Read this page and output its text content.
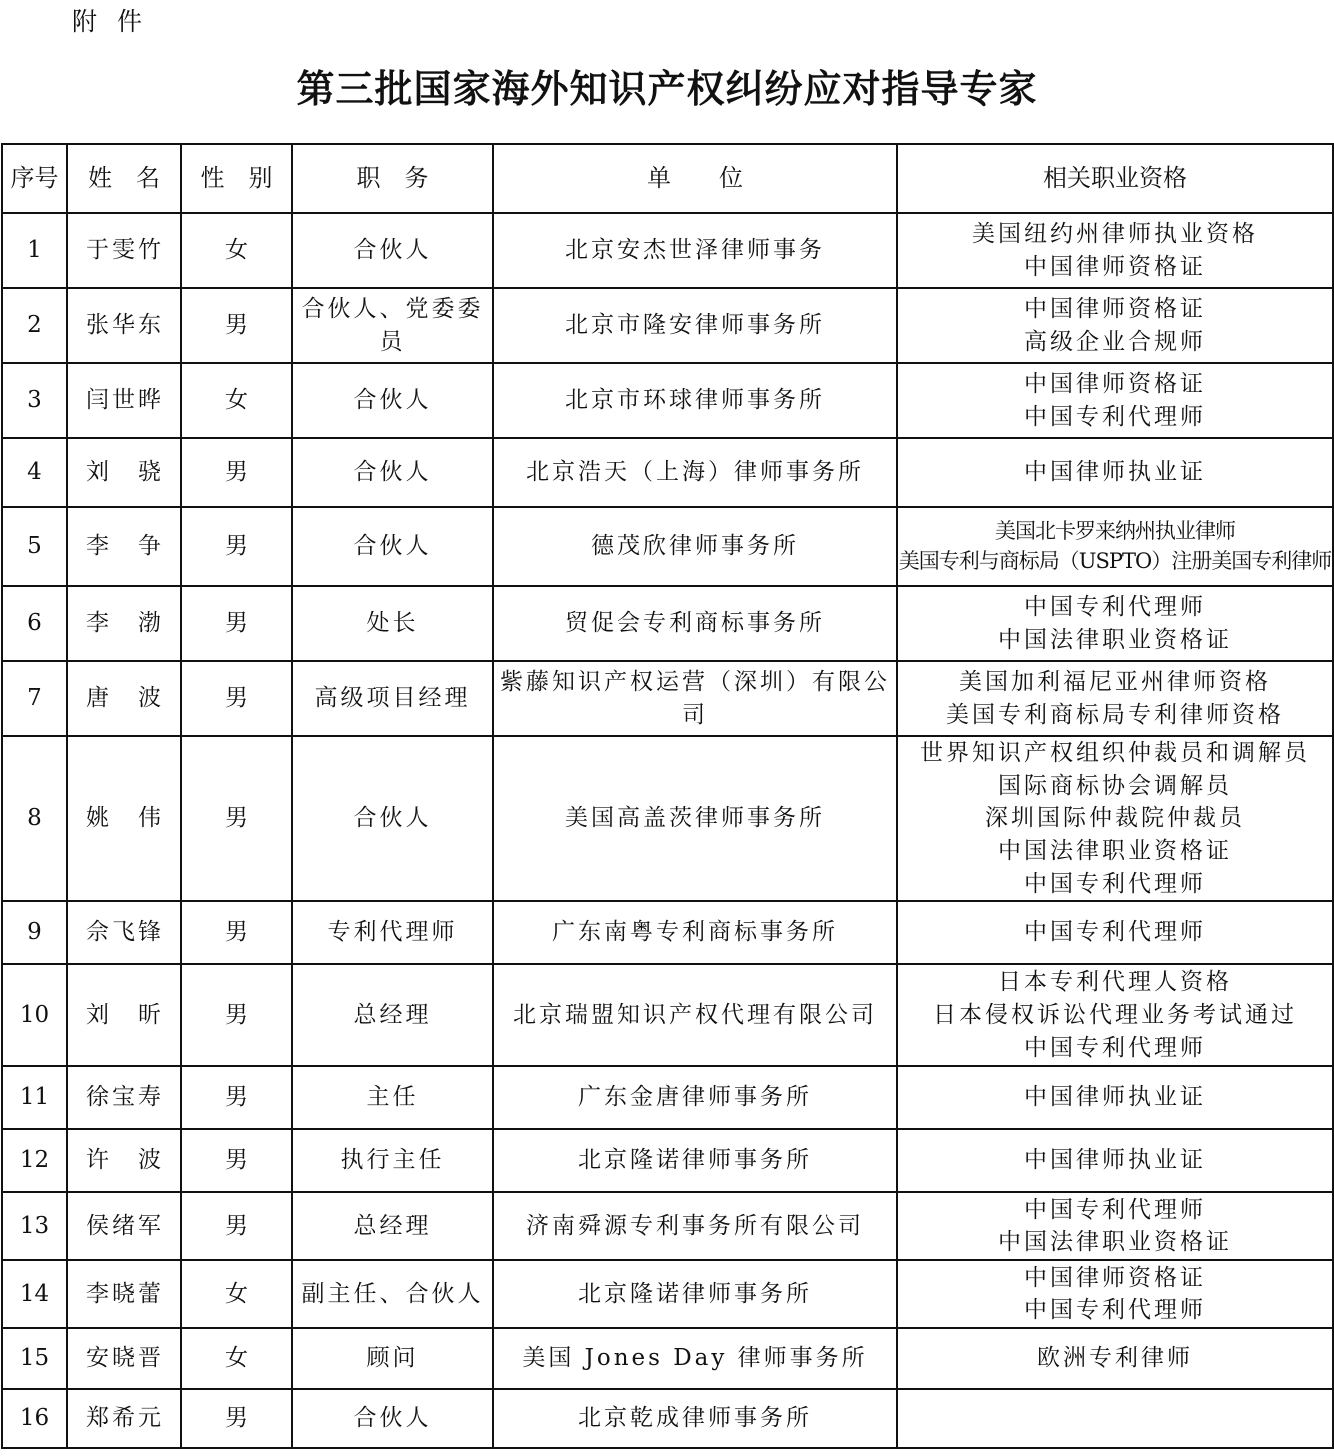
附 件
第三批国家海外知识产权纠纷应对指导专家
序号	姓　名	性　别	职　务	单　　位	相关职业资格
1	于雯竹	女	合伙人	北京安杰世泽律师事务	美国纽约州律师执业资格
中国律师资格证

2	张华东	男	合伙人、党委委员	北京市隆安律师事务所	中国律师资格证
高级企业合规师

3	闫世晔	女	合伙人	北京市环球律师事务所	中国律师资格证
中国专利代理师

4	刘　骁	男	合伙人	北京浩天（上海）律师事务所	中国律师执业证

5	李　争	男	合伙人	德茂欣律师事务所	美国北卡罗来纳州执业律师
美国专利与商标局（USPTO）注册美国专利律师

6	李　渤	男	处长	贸促会专利商标事务所	中国专利代理师
中国法律职业资格证

7	唐　波	男	高级项目经理	紫藤知识产权运营（深圳）有限公司	美国加利福尼亚州律师资格
美国专利商标局专利律师资格

8	姚　伟	男	合伙人	美国高盖茨律师事务所	世界知识产权组织仲裁员和调解员
国际商标协会调解员
深圳国际仲裁院仲裁员
中国法律职业资格证
中国专利代理师

9	佘飞锋	男	专利代理师	广东南粤专利商标事务所	中国专利代理师

10	刘　昕	男	总经理	北京瑞盟知识产权代理有限公司	日本专利代理人资格
日本侵权诉讼代理业务考试通过
中国专利代理师

11	徐宝寿	男	主任	广东金唐律师事务所	中国律师执业证

12	许　波	男	执行主任	北京隆诺律师事务所	中国律师执业证

13	侯绪军	男	总经理	济南舜源专利事务所有限公司	中国专利代理师
中国法律职业资格证

14	李晓蕾	女	副主任、合伙人	北京隆诺律师事务所	中国律师资格证
中国专利代理师

15	安晓晋	女	顾问	美国 Jones Day 律师事务所	欧洲专利律师

16	郑希元	男	合伙人	北京乾成律师事务所	
